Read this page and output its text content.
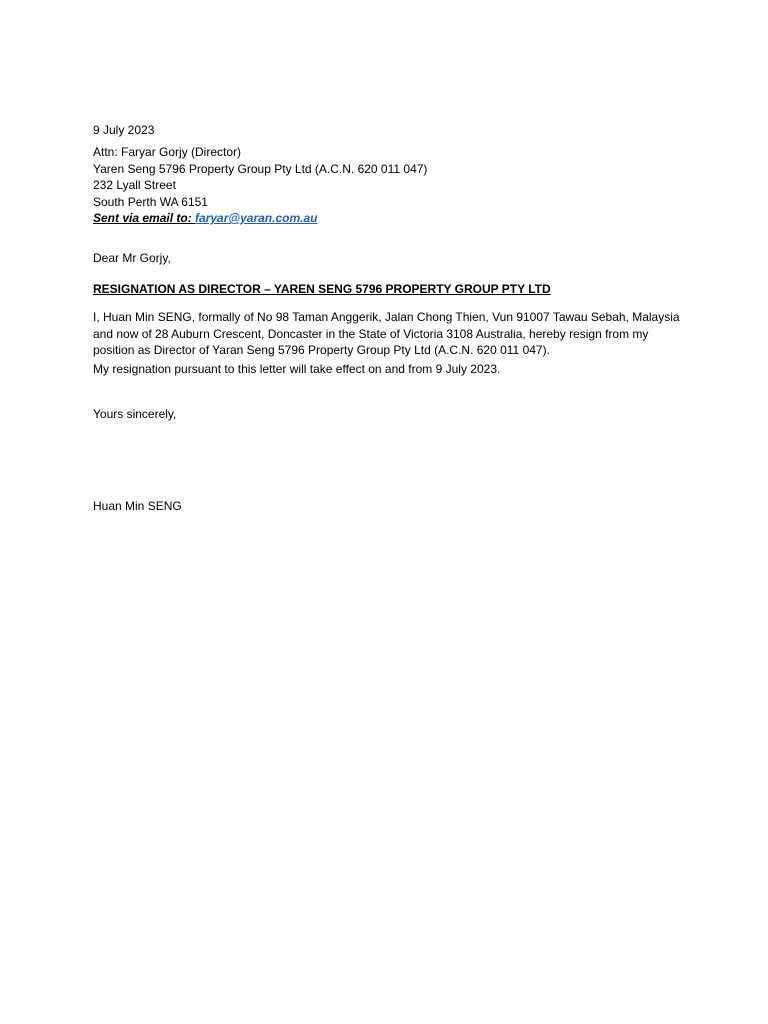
9 July 2023
Attn: Faryar Gorjy (Director)
Yaren Seng 5796 Property Group Pty Ltd (A.C.N. 620 011 047)
232 Lyall Street
South Perth WA 6151
Sent via email to: faryar@yaran.com.au
Dear Mr Gorjy,
RESIGNATION AS DIRECTOR – YAREN SENG 5796 PROPERTY GROUP PTY LTD
I, Huan Min SENG, formally of No 98 Taman Anggerik, Jalan Chong Thien, Vun 91007 Tawau Sebah, Malaysia and now of 28 Auburn Crescent, Doncaster in the State of Victoria 3108 Australia, hereby resign from my position as Director of Yaran Seng 5796 Property Group Pty Ltd (A.C.N. 620 011 047).
My resignation pursuant to this letter will take effect on and from 9 July 2023.
Yours sincerely,
Huan Min SENG
